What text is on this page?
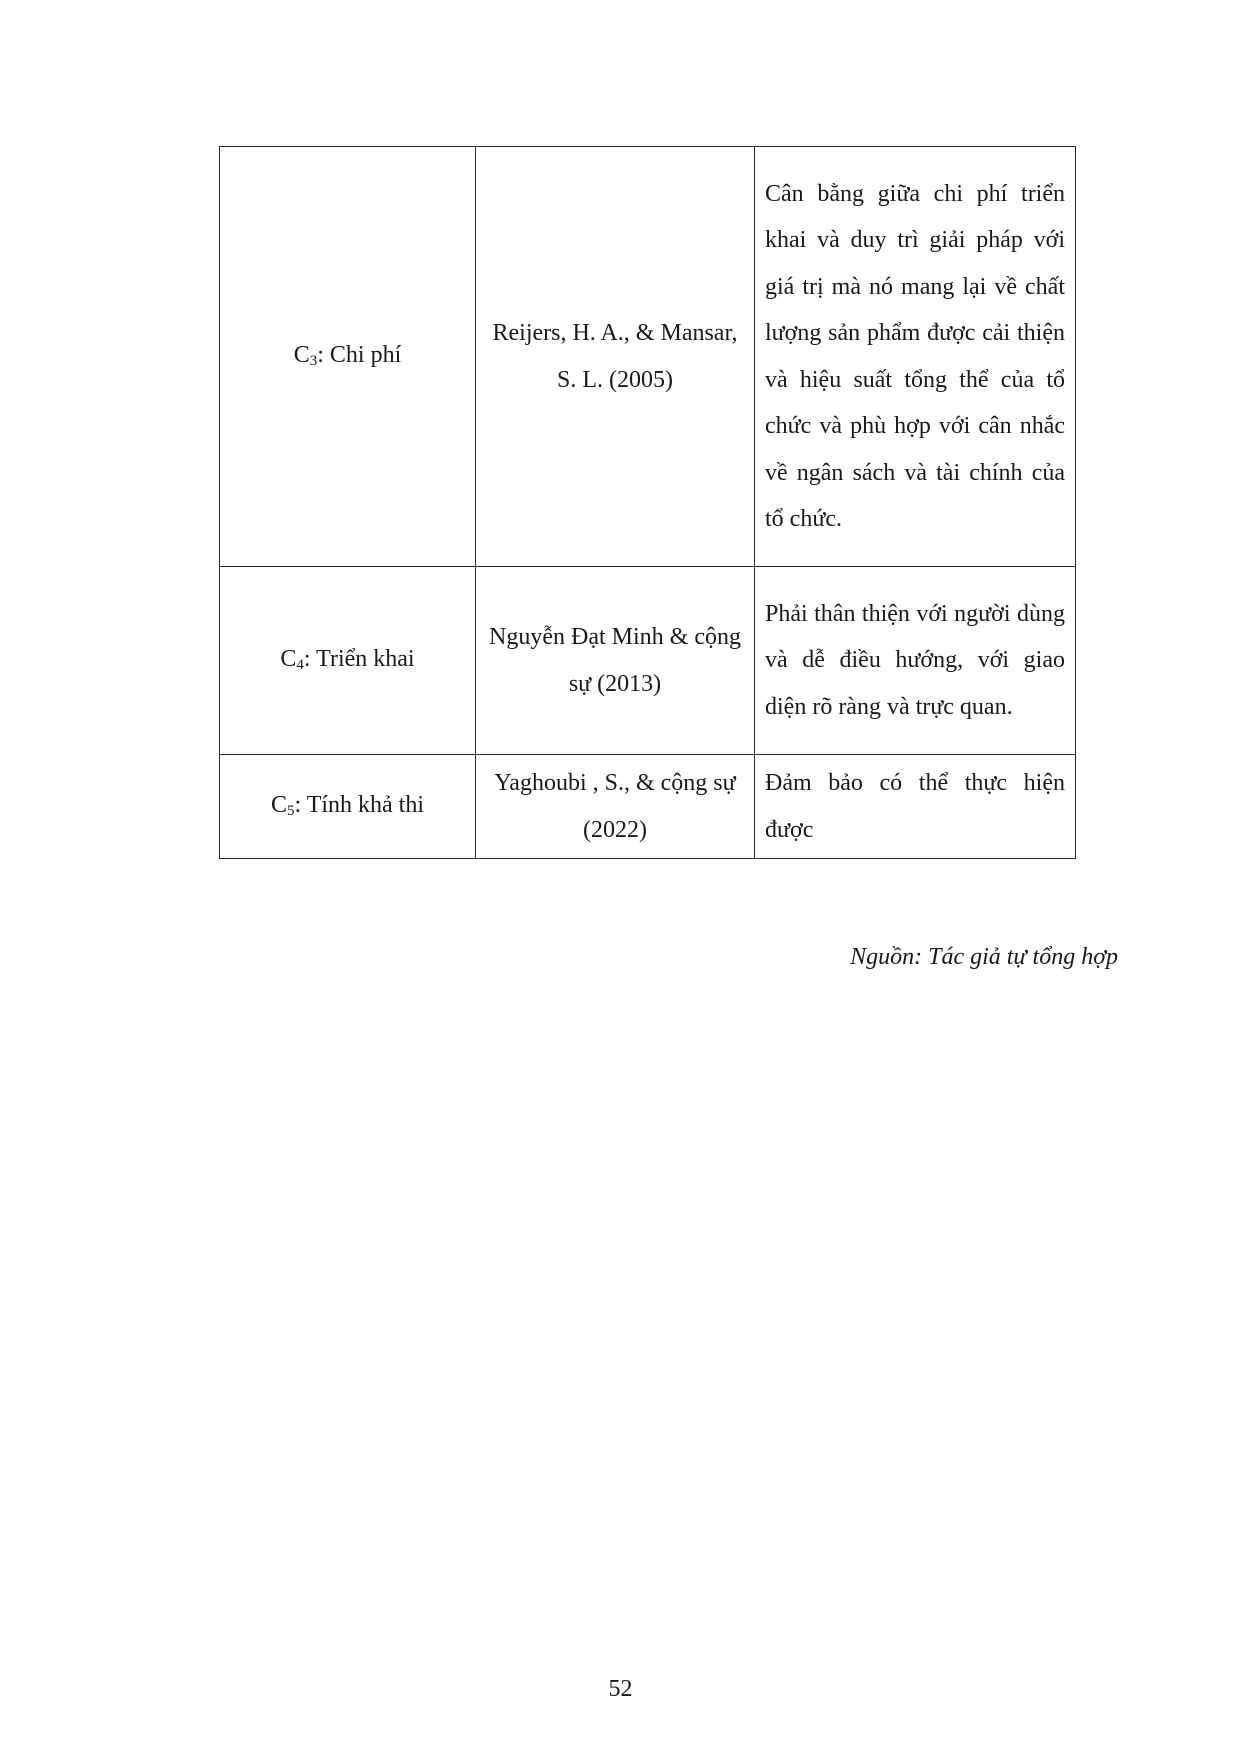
$C_3$: Chi phí	Reijers, H. A., & Mansar, S. L. (2005)	Cân bằng giữa chi phí triển khai và duy trì giải pháp với giá trị mà nó mang lại về chất lượng sản phẩm được cải thiện và hiệu suất tổng thể của tổ chức và phù hợp với cân nhắc về ngân sách và tài chính của tổ chức.
$C_4$: Triển khai	Nguyễn Đạt Minh & cộng sự (2013)	Phải thân thiện với người dùng và dễ điều hướng, với giao diện rõ ràng và trực quan.
$C_5$: Tính khả thi	Yaghoubi , S., & cộng sự (2022)	Đảm bảo có thể thực hiện được
Nguồn: Tác giả tự tổng hợp
52
